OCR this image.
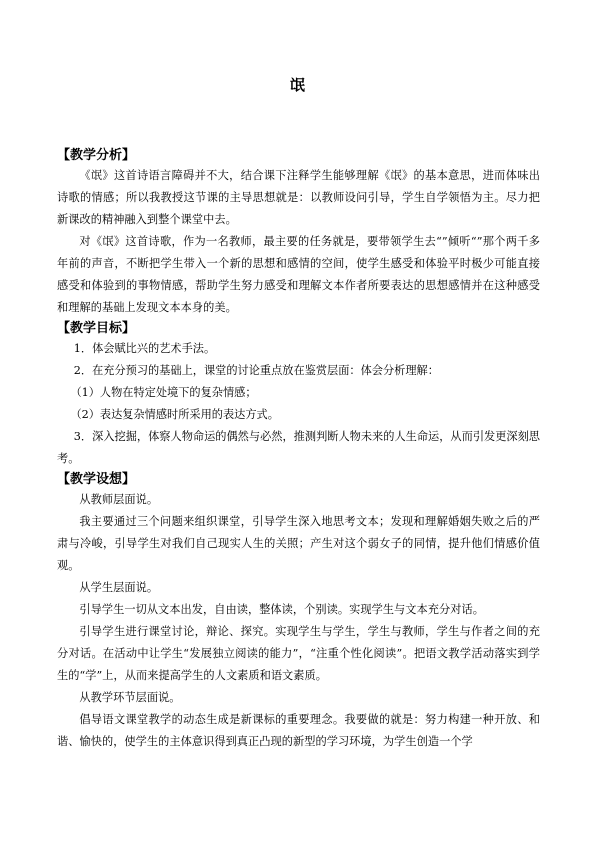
氓

【教学分析】

《氓》这首诗语言障碍并不大，结合课下注释学生能够理解《氓》的基本意思，进而体味出诗歌的情感；所以我教授这节课的主导思想就是：以教师设问引导，学生自学领悟为主。尽力把新课改的精神融入到整个课堂中去。

对《氓》这首诗歌，作为一名教师，最主要的任务就是，要带领学生去“”倾听“”那个两千多年前的声音，不断把学生带入一个新的思想和感情的空间，使学生感受和体验平时极少可能直接感受和体验到的事物情感，帮助学生努力感受和理解文本作者所要表达的思想感情并在这种感受和理解的基础上发现文本本身的美。

【教学目标】

1．体会赋比兴的艺术手法。

2．在充分预习的基础上，课堂的讨论重点放在鉴赏层面：体会分析理解：

（1）人物在特定处境下的复杂情感；

（2）表达复杂情感时所采用的表达方式。

3．深入挖掘，体察人物命运的偶然与必然，推测判断人物未来的人生命运，从而引发更深刻思考。

【教学设想】

从教师层面说。

我主要通过三个问题来组织课堂，引导学生深入地思考文本；发现和理解婚姻失败之后的严肃与冷峻，引导学生对我们自己现实人生的关照；产生对这个弱女子的同情，提升他们情感价值观。

从学生层面说。

引导学生一切从文本出发，自由读，整体读，个别读。实现学生与文本充分对话。

引导学生进行课堂讨论，辩论、探究。实现学生与学生，学生与教师，学生与作者之间的充分对话。在活动中让学生“发展独立阅读的能力”，“注重个性化阅读”。把语文教学活动落实到学生的“学”上，从而来提高学生的人文素质和语文素质。

从教学环节层面说。

倡导语文课堂教学的动态生成是新课标的重要理念。我要做的就是：努力构建一种开放、和谐、愉快的，使学生的主体意识得到真正凸现的新型的学习环境，为学生创造一个学
